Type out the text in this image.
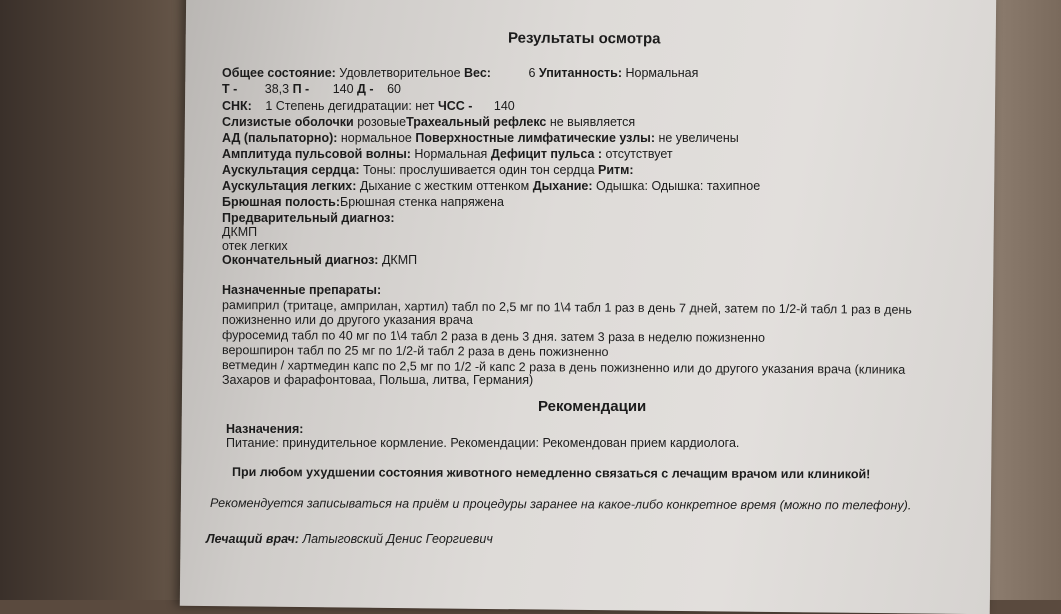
Результаты осмотра
Общее состояние: Удовлетворительное Вес:	6 Упитанность: Нормальная
Т - 38,3 П - 140 Д - 60
СНК: 1 Степень дегидратации: нет ЧСС - 140
Слизистые оболочки розовыеТрахеальный рефлекс не выявляется
АД (пальпаторно): нормальное Поверхностные лимфатические узлы: не увеличены
Амплитуда пульсовой волны: Нормальная Дефицит пульса : отсутствует
Аускультация сердца: Тоны: прослушивается один тон сердца Ритм:
Аускультация легких: Дыхание с жестким оттенком Дыхание: Одышка: Одышка: тахипное
Брюшная полость:Брюшная стенка напряжена
Предварительный диагноз:
ДКМП
отек легких
Окончательный диагноз: ДКМП
Назначенные препараты:
рамиприл (тритаце, амприлан, хартил) табл по 2,5 мг по 1\4 табл 1 раз в день 7 дней, затем по 1/2-й табл 1 раз в день
пожизненно или до другого указания врача
фуросемид табл по 40 мг по 1\4 табл 2 раза в день 3 дня. затем 3 раза в неделю пожизненно
верошпирон табл по 25 мг по 1/2-й табл 2 раза в день пожизненно
ветмедин / хартмедин капс по 2,5 мг по 1/2 -й капс 2 раза в день пожизненно или до другого указания врача (клиника
Захаров и фарафонтоваа, Польша, литва, Германия)
Рекомендации
Назначения:
Питание: принудительное кормление. Рекомендации: Рекомендован прием кардиолога.
При любом ухудшении состояния животного немедленно связаться с лечащим врачом или клиникой!
Рекомендуется записываться на приём и процедуры заранее на какое-либо конкретное время (можно по телефону).
Лечащий врач: Латыговский Денис Георгиевич
